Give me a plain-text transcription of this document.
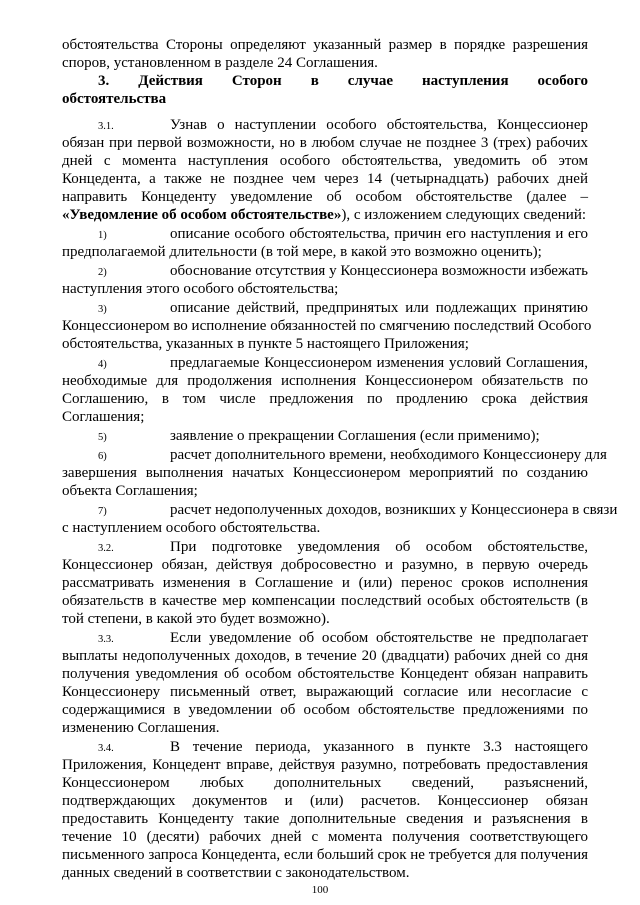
обстоятельства Стороны определяют указанный размер в порядке разрешения
споров, установленном в разделе 24 Соглашения.
3. Действия Сторон в случае наступления особого
обстоятельства
3.1.	Узнав о наступлении особого обстоятельства, Концессионер
обязан при первой возможности, но в любом случае не позднее 3 (трех) рабочих
дней с момента наступления особого обстоятельства, уведомить об этом
Концедента, а также не позднее чем через 14 (четырнадцать) рабочих дней
направить Концеденту уведомление об особом обстоятельстве (далее –
«Уведомление об особом обстоятельстве»), с изложением следующих сведений:
1)	описание особого обстоятельства, причин его наступления и его
предполагаемой длительности (в той мере, в какой это возможно оценить);
2)	обоснование отсутствия у Концессионера возможности избежать
наступления этого особого обстоятельства;
3)	описание действий, предпринятых или подлежащих принятию
Концессионером во исполнение обязанностей по смягчению последствий Особого
обстоятельства, указанных в пункте 5 настоящего Приложения;
4)	предлагаемые Концессионером изменения условий Соглашения,
необходимые для продолжения исполнения Концессионером обязательств по
Соглашению, в том числе предложения по продлению срока действия
Соглашения;
5)	заявление о прекращении Соглашения (если применимо);
6)	расчет дополнительного времени, необходимого Концессионеру для
завершения выполнения начатых Концессионером мероприятий по созданию
объекта Соглашения;
7)	расчет недополученных доходов, возникших у Концессионера в связи
с наступлением особого обстоятельства.
3.2.	При подготовке уведомления об особом обстоятельстве,
Концессионер обязан, действуя добросовестно и разумно, в первую очередь
рассматривать изменения в Соглашение и (или) перенос сроков исполнения
обязательств в качестве мер компенсации последствий особых обстоятельств (в
той степени, в какой это будет возможно).
3.3.	Если уведомление об особом обстоятельстве не предполагает
выплаты недополученных доходов, в течение 20 (двадцати) рабочих дней со дня
получения уведомления об особом обстоятельстве Концедент обязан направить
Концессионеру письменный ответ, выражающий согласие или несогласие с
содержащимися в уведомлении об особом обстоятельстве предложениями по
изменению Соглашения.
3.4.	В течение периода, указанного в пункте 3.3 настоящего
Приложения, Концедент вправе, действуя разумно, потребовать предоставления
Концессионером любых дополнительных сведений, разъяснений,
подтверждающих документов и (или) расчетов. Концессионер обязан
предоставить Концеденту такие дополнительные сведения и разъяснения в
течение 10 (десяти) рабочих дней с момента получения соответствующего
письменного запроса Концедента, если больший срок не требуется для получения
данных сведений в соответствии с законодательством.
100
